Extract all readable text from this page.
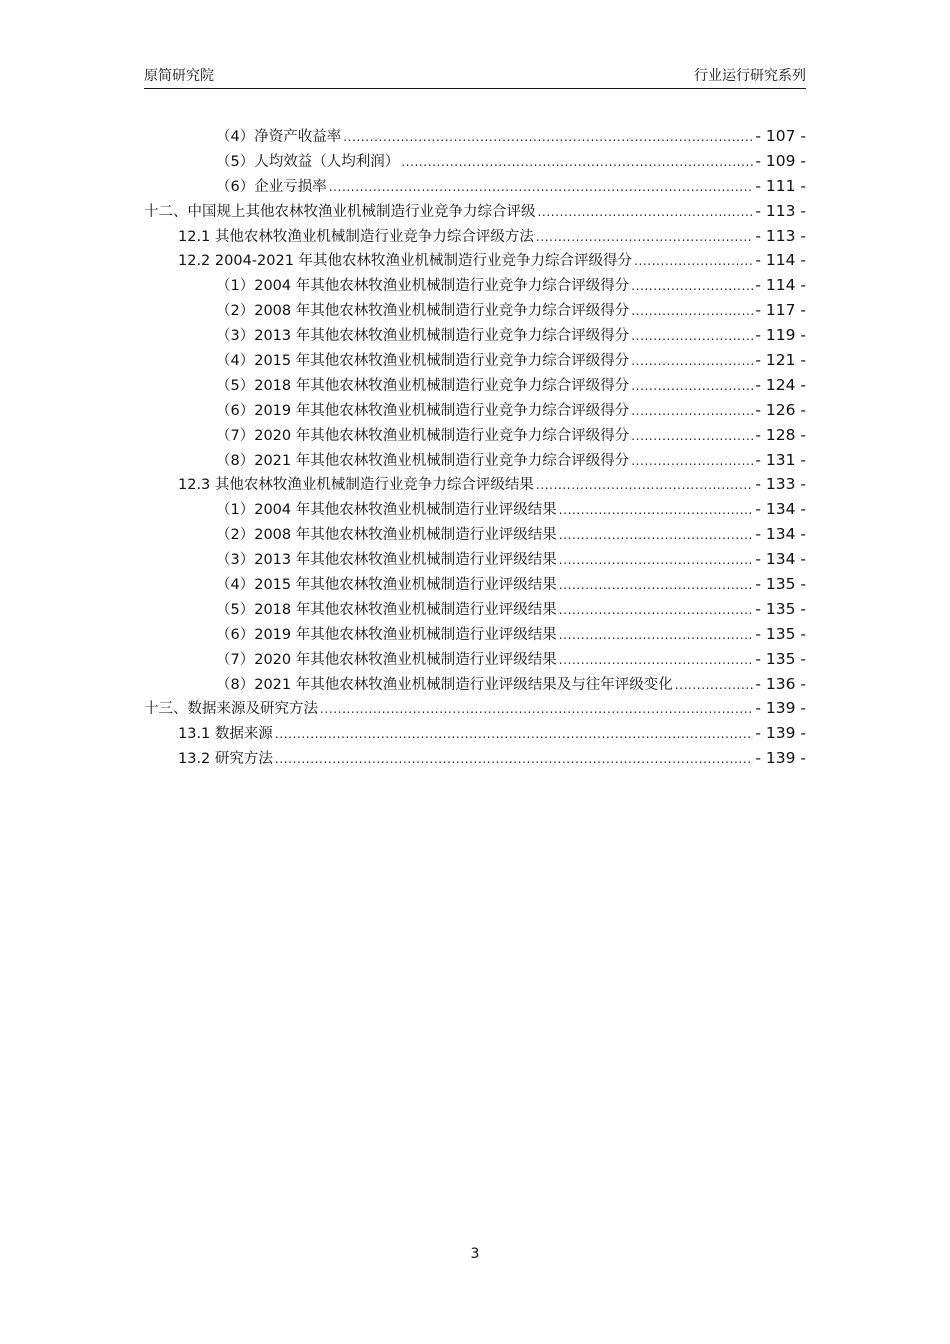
原简研究院	行业运行研究系列
（4）净资产收益率 .....	- 107 -
（5）人均效益（人均利润） .....	- 109 -
（6）企业亏损率 .....	- 111 -
十二、中国规上其他农林牧渔业机械制造行业竞争力综合评级 .....	- 113 -
12.1 其他农林牧渔业机械制造行业竞争力综合评级方法 .....	- 113 -
12.2 2004-2021 年其他农林牧渔业机械制造行业竞争力综合评级得分 .....	- 114 -
（1）2004 年其他农林牧渔业机械制造行业竞争力综合评级得分 .....	- 114 -
（2）2008 年其他农林牧渔业机械制造行业竞争力综合评级得分 .....	- 117 -
（3）2013 年其他农林牧渔业机械制造行业竞争力综合评级得分 .....	- 119 -
（4）2015 年其他农林牧渔业机械制造行业竞争力综合评级得分 .....	- 121 -
（5）2018 年其他农林牧渔业机械制造行业竞争力综合评级得分 .....	- 124 -
（6）2019 年其他农林牧渔业机械制造行业竞争力综合评级得分 .....	- 126 -
（7）2020 年其他农林牧渔业机械制造行业竞争力综合评级得分 .....	- 128 -
（8）2021 年其他农林牧渔业机械制造行业竞争力综合评级得分 .....	- 131 -
12.3 其他农林牧渔业机械制造行业竞争力综合评级结果 .....	- 133 -
（1）2004 年其他农林牧渔业机械制造行业评级结果 .....	- 134 -
（2）2008 年其他农林牧渔业机械制造行业评级结果 .....	- 134 -
（3）2013 年其他农林牧渔业机械制造行业评级结果 .....	- 134 -
（4）2015 年其他农林牧渔业机械制造行业评级结果 .....	- 135 -
（5）2018 年其他农林牧渔业机械制造行业评级结果 .....	- 135 -
（6）2019 年其他农林牧渔业机械制造行业评级结果 .....	- 135 -
（7）2020 年其他农林牧渔业机械制造行业评级结果 .....	- 135 -
（8）2021 年其他农林牧渔业机械制造行业评级结果及与往年评级变化 .....	- 136 -
十三、数据来源及研究方法 .....	- 139 -
13.1 数据来源 .....	- 139 -
13.2 研究方法 .....	- 139 -
3
